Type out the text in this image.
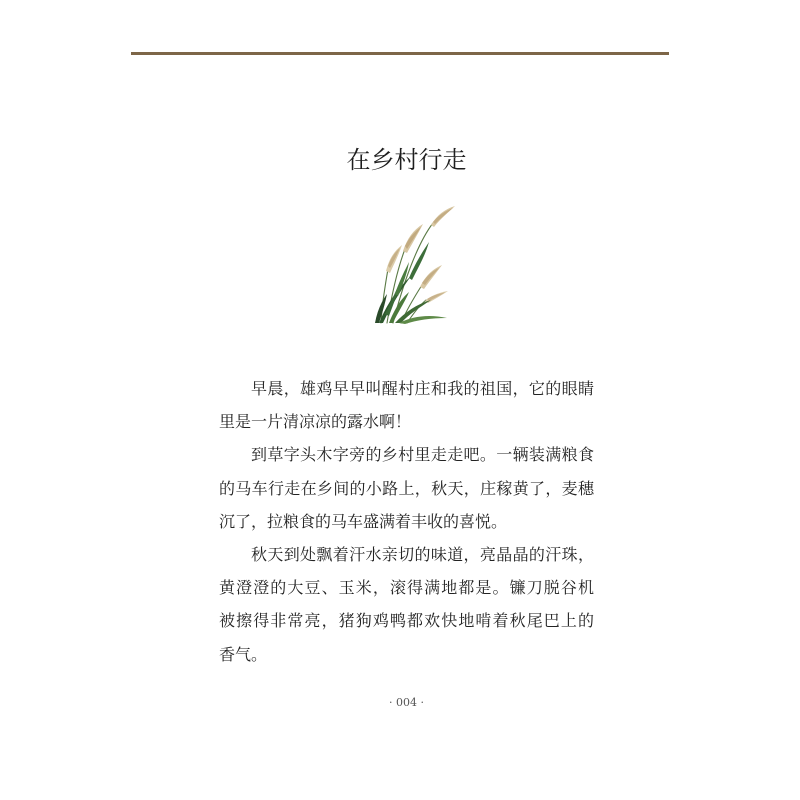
在乡村行走

早晨，雄鸡早早叫醒村庄和我的祖国，它的眼睛
里是一片清凉凉的露水啊！

到草字头木字旁的乡村里走走吧。一辆装满粮食
的马车行走在乡间的小路上，秋天，庄稼黄了，麦穗
沉了，拉粮食的马车盛满着丰收的喜悦。

秋天到处飘着汗水亲切的味道，亮晶晶的汗珠，
黄澄澄的大豆、玉米，滚得满地都是。镰刀脱谷机
被擦得非常亮，猪狗鸡鸭都欢快地啃着秋尾巴上的
香气。

· 004 ·
